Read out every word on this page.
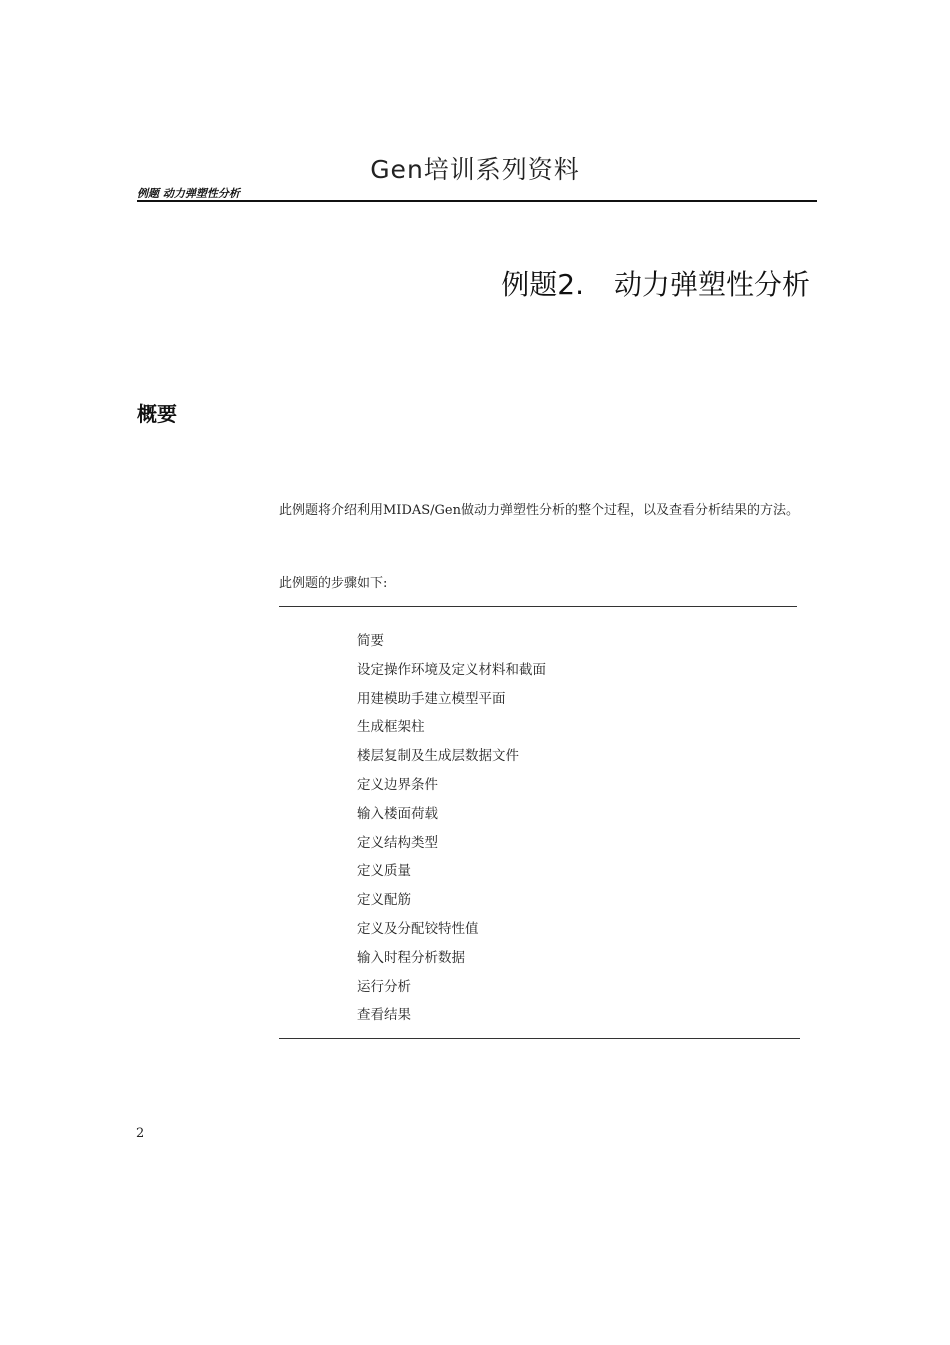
Gen培训系列资料
例题 动力弹塑性分析
例题2. 动力弹塑性分析
概要
此例题将介绍利用MIDAS/Gen做动力弹塑性分析的整个过程，以及查看分析结果的方法。
此例题的步骤如下:
简要
设定操作环境及定义材料和截面
用建模助手建立模型平面
生成框架柱
楼层复制及生成层数据文件
定义边界条件
输入楼面荷载
定义结构类型
定义质量
定义配筋
定义及分配铰特性值
输入时程分析数据
运行分析
查看结果
2
